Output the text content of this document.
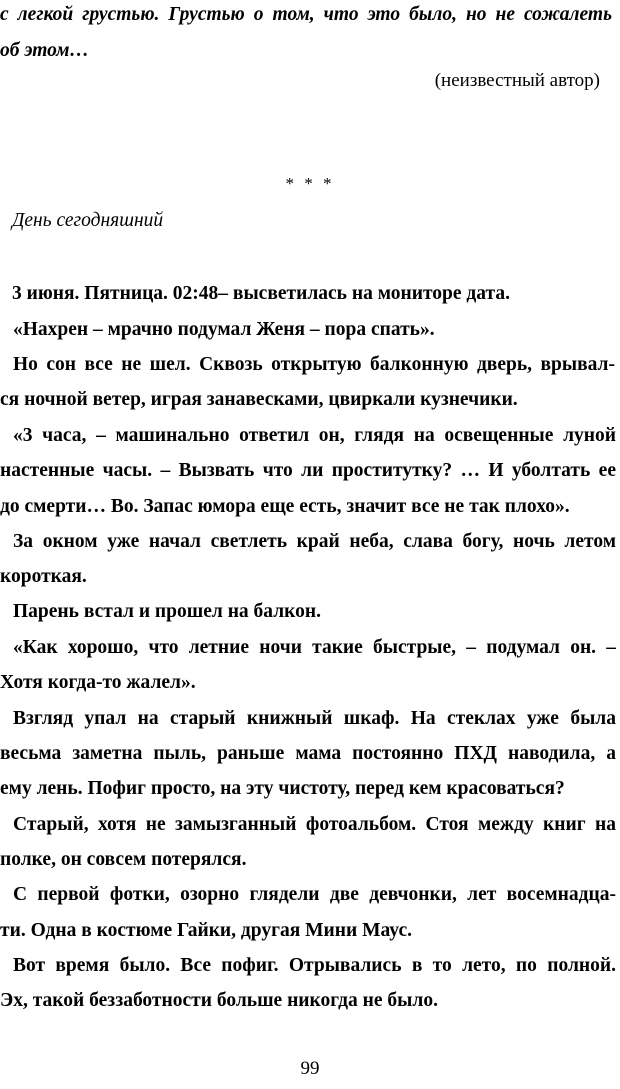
с легкой грустью. Грустью о том, что это было, но не сожалеть
об этом…
(неизвестный автор)
* * *
День сегодняшний
3 июня. Пятница. 02:48– высветилась на мониторе дата.
«Нахрен – мрачно подумал Женя – пора спать».
Но сон все не шел. Сквозь открытую балконную дверь, врывал-
ся ночной ветер, играя занавесками, цвиркали кузнечики.
«3 часа, – машинально ответил он, глядя на освещенные луной
настенные часы. – Вызвать что ли проститутку? … И уболтать ее
до смерти… Во. Запас юмора еще есть, значит все не так плохо».
За окном уже начал светлеть край неба, слава богу, ночь летом
короткая.
Парень встал и прошел на балкон.
«Как хорошо, что летние ночи такие быстрые, – подумал он. –
Хотя когда-то жалел».
Взгляд упал на старый книжный шкаф. На стеклах уже была
весьма заметна пыль, раньше мама постоянно ПХД наводила, а
ему лень. Пофиг просто, на эту чистоту, перед кем красоваться?
Старый, хотя не замызганный фотоальбом. Стоя между книг на
полке, он совсем потерялся.
С первой фотки, озорно глядели две девчонки, лет восемнадца-
ти. Одна в костюме Гайки, другая Мини Маус.
Вот время было. Все пофиг. Отрывались в то лето, по полной.
Эх, такой беззаботности больше никогда не было.
99
